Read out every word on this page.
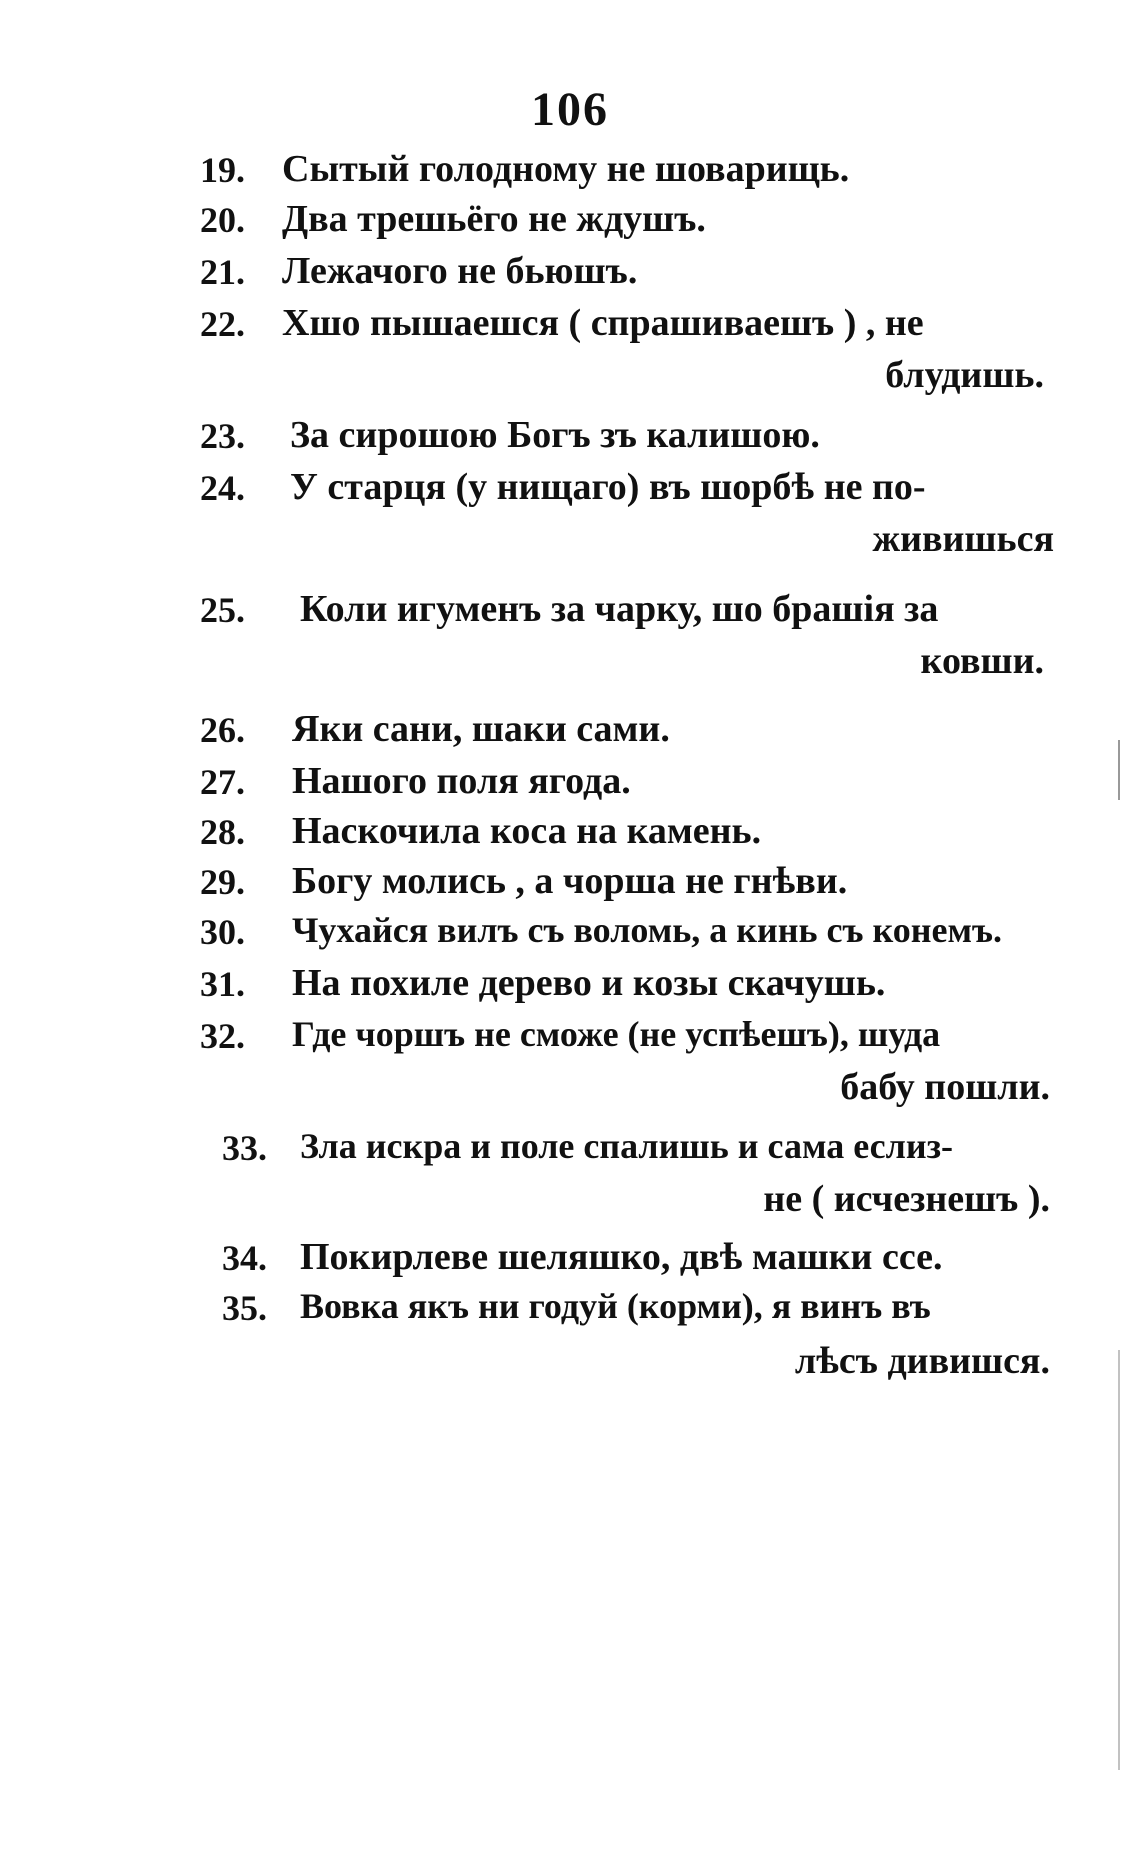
106
19. Сытый голодному не шоварищь.
20. Два трешьёго не ждушъ.
21. Лежачого не бьюшъ.
22. Хшо пышаешся ( спрашиваешъ ) , не
блудишь.
23. За сирошою Богъ зъ калишою.
24. У старця (у нищаго) въ шорбѣ не по-
живишься
25. Коли игуменъ за чарку, шо брашія за
ковши.
26. Яки сани, шаки сами.
27. Нашого поля ягода.
28. Наскочила коса на камень.
29. Богу молись , а чорша не гнѣви.
30. Чухайся вилъ съ воломь, а кинь съ конемъ.
31. На похиле дерево и козы скачушь.
32. Где чоршъ не сможе (не успѣешъ), шуда
бабу пошли.
33. Зла искра и поле спалишь и сама еслиз-
не ( исчезнешъ ).
34. Покирлеве шеляшко, двѣ машки ссе.
35. Вовка якъ ни годуй (корми), я винъ въ
лѣсъ дивишся.
